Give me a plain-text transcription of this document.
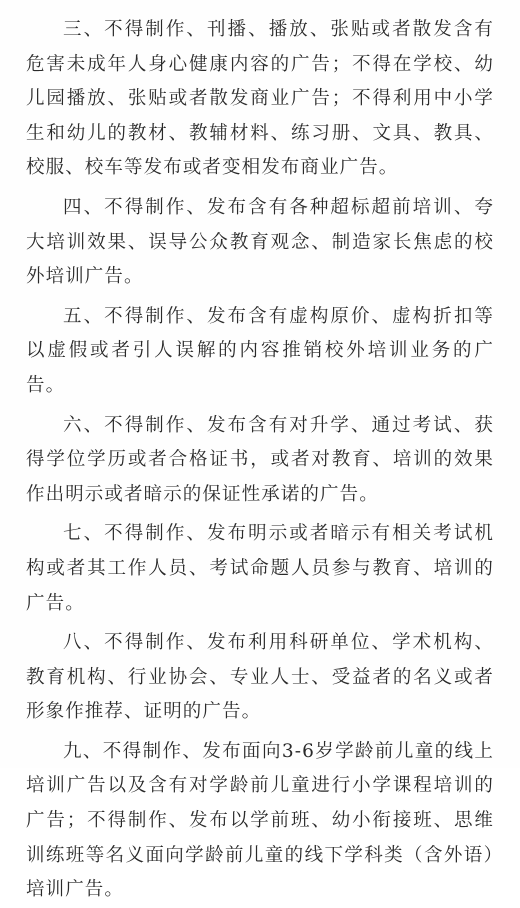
三、不得制作、刊播、播放、张贴或者散发含有危害未成年人身心健康内容的广告；不得在学校、幼儿园播放、张贴或者散发商业广告；不得利用中小学生和幼儿的教材、教辅材料、练习册、文具、教具、校服、校车等发布或者变相发布商业广告。

四、不得制作、发布含有各种超标超前培训、夸大培训效果、误导公众教育观念、制造家长焦虑的校外培训广告。

五、不得制作、发布含有虚构原价、虚构折扣等以虚假或者引人误解的内容推销校外培训业务的广告。

六、不得制作、发布含有对升学、通过考试、获得学位学历或者合格证书，或者对教育、培训的效果作出明示或者暗示的保证性承诺的广告。

七、不得制作、发布明示或者暗示有相关考试机构或者其工作人员、考试命题人员参与教育、培训的广告。

八、不得制作、发布利用科研单位、学术机构、教育机构、行业协会、专业人士、受益者的名义或者形象作推荐、证明的广告。

九、不得制作、发布面向3-6岁学龄前儿童的线上培训广告以及含有对学龄前儿童进行小学课程培训的广告；不得制作、发布以学前班、幼小衔接班、思维训练班等名义面向学龄前儿童的线下学科类（含外语）培训广告。
